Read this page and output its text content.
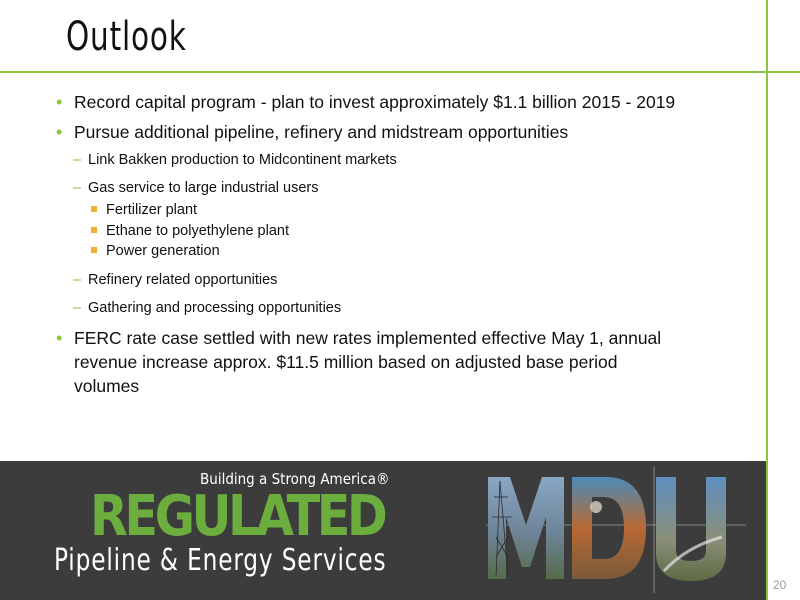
Outlook
• Record capital program - plan to invest approximately $1.1 billion 2015 - 2019
• Pursue additional pipeline, refinery and midstream opportunities
– Link Bakken production to Midcontinent markets
– Gas service to large industrial users
Fertilizer plant
Ethane to polyethylene plant
Power generation
– Refinery related opportunities
– Gathering and processing opportunities
• FERC rate case settled with new rates implemented effective May 1, annual
revenue increase approx. $11.5 million based on adjusted base period
volumes
Building a Strong America®
REGULATED
Pipeline & Energy Services
20
